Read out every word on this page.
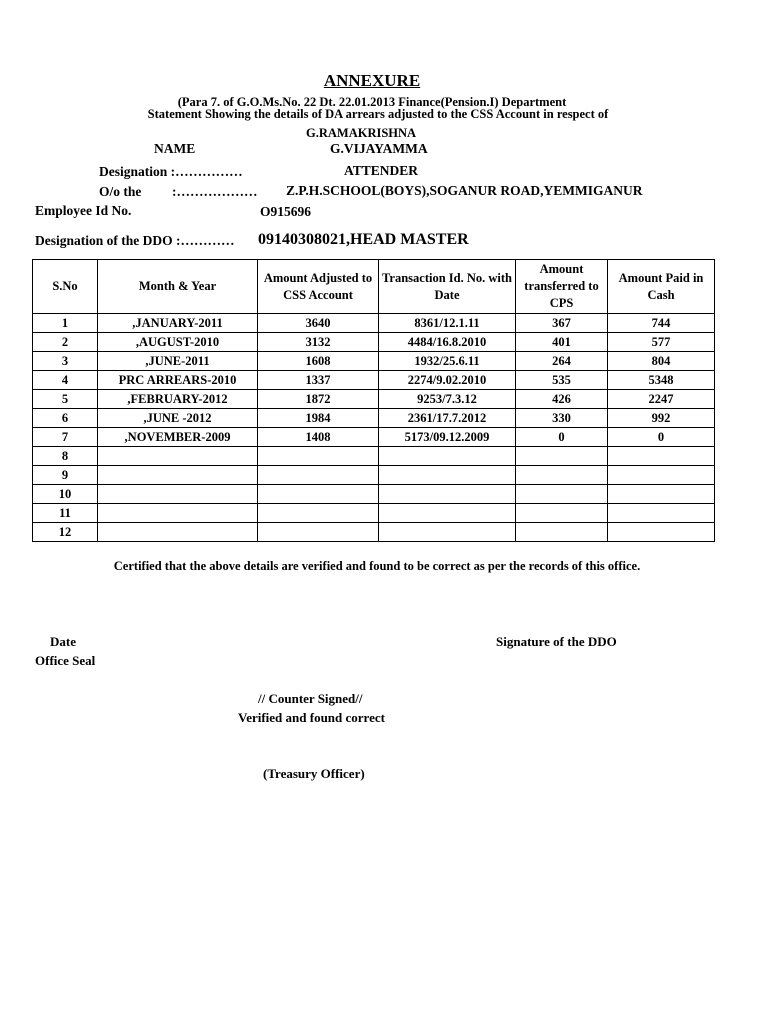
ANNEXURE
(Para 7. of G.O.Ms.No. 22 Dt. 22.01.2013 Finance(Pension.I) Department
Statement Showing the details of DA arrears adjusted to the CSS Account in respect of
G.RAMAKRISHNA
NAME	G.VIJAYAMMA
Designation :……………	ATTENDER
O/o the :……………… Z.P.H.SCHOOL(BOYS),SOGANUR ROAD,YEMMIGANUR
Employee Id No.	O915696
Designation of the DDO :………… 09140308021,HEAD MASTER
S.No	Month & Year	Amount Adjusted to CSS Account	Transaction Id. No. with Date	Amount transferred to CPS	Amount Paid in Cash
1	,JANUARY-2011	3640	8361/12.1.11	367	744
2	,AUGUST-2010	3132	4484/16.8.2010	401	577
3	,JUNE-2011	1608	1932/25.6.11	264	804
4	PRC ARREARS-2010	1337	2274/9.02.2010	535	5348
5	,FEBRUARY-2012	1872	9253/7.3.12	426	2247
6	,JUNE -2012	1984	2361/17.7.2012	330	992
7	,NOVEMBER-2009	1408	5173/09.12.2009	0	0
8					
9					
10					
11					
12					
Certified that the above details are verified and found to be correct as per the records of this office.
Date
Office Seal
Signature of the DDO
// Counter Signed//
Verified and found correct
(Treasury Officer)
